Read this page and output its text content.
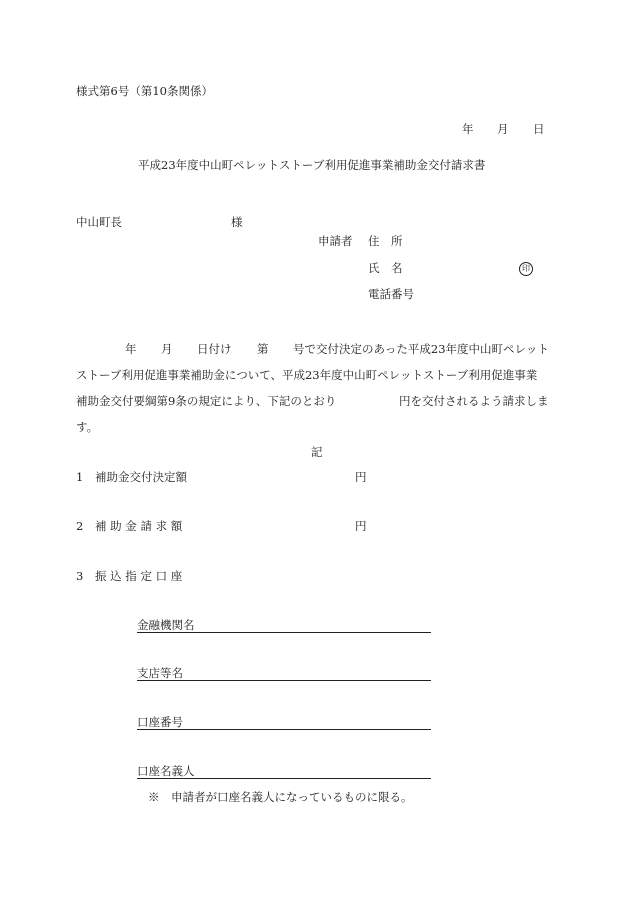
様式第6号（第10条関係）
年 月 日
平成23年度中山町ペレットストーブ利用促進事業補助金交付請求書
中山町長	様
申請者 住　所
氏　名	印
電話番号
年 月 日付け 第 号で交付決定のあった平成23年度中山町ペレット
ストーブ利用促進事業補助金について、平成23年度中山町ペレットストーブ利用促進事業
補助金交付要綱第9条の規定により、下記のとおり	円を交付されるよう請求しま
す。
記
1 補助金交付決定額	円
2 補 助 金 請 求 額	円
3 振 込 指 定 口 座
金融機関名
支店等名
口座番号
口座名義人
※　申請者が口座名義人になっているものに限る。
